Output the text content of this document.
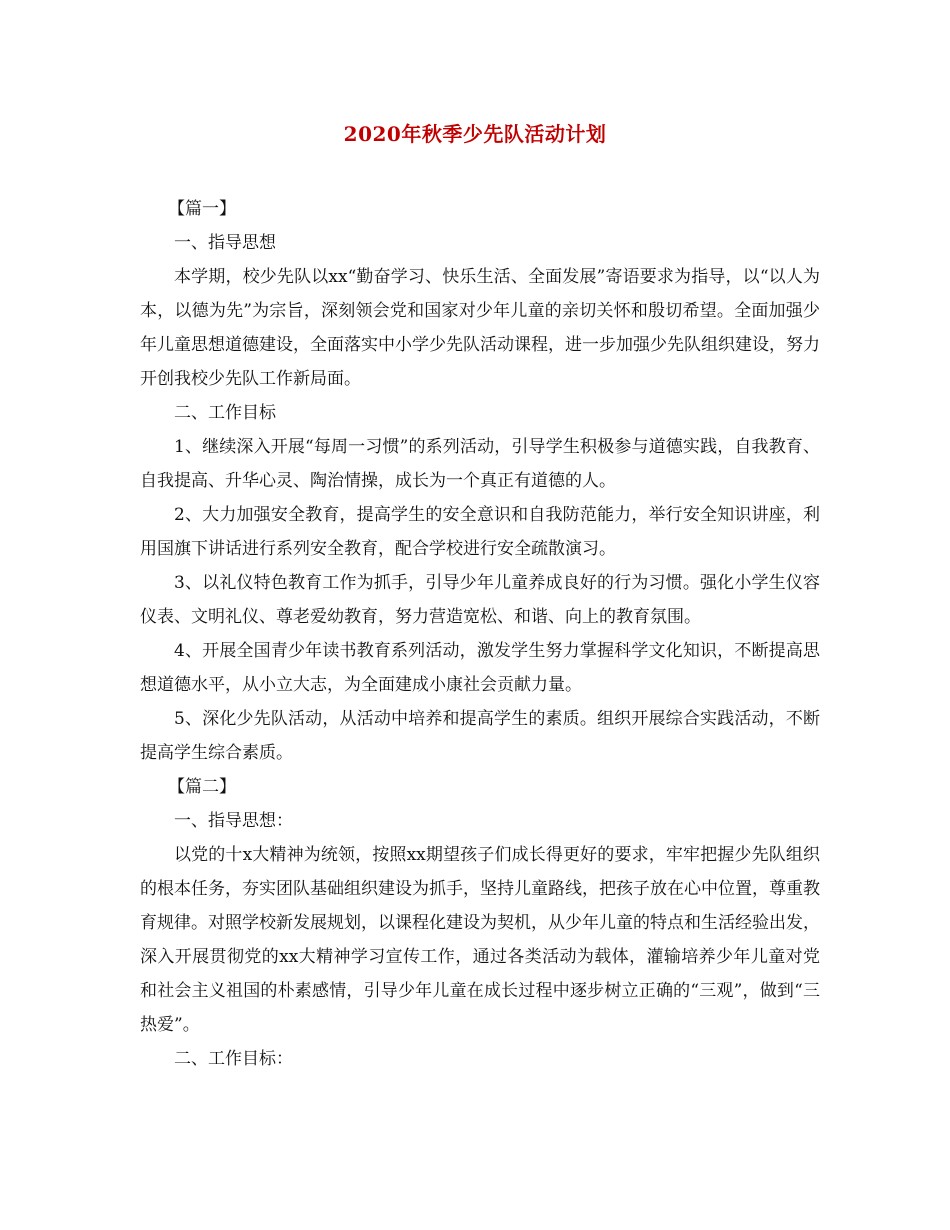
2020年秋季少先队活动计划

【篇一】

一、指导思想

本学期，校少先队以xx“勤奋学习、快乐生活、全面发展”寄语要求为指导，以“以人为本，以德为先”为宗旨，深刻领会党和国家对少年儿童的亲切关怀和殷切希望。全面加强少年儿童思想道德建设，全面落实中小学少先队活动课程，进一步加强少先队组织建设，努力开创我校少先队工作新局面。

二、工作目标

1、继续深入开展“每周一习惯”的系列活动，引导学生积极参与道德实践，自我教育、自我提高、升华心灵、陶治情操，成长为一个真正有道德的人。

2、大力加强安全教育，提高学生的安全意识和自我防范能力，举行安全知识讲座，利用国旗下讲话进行系列安全教育，配合学校进行安全疏散演习。

3、以礼仪特色教育工作为抓手，引导少年儿童养成良好的行为习惯。强化小学生仪容仪表、文明礼仪、尊老爱幼教育，努力营造宽松、和谐、向上的教育氛围。

4、开展全国青少年读书教育系列活动，激发学生努力掌握科学文化知识，不断提高思想道德水平，从小立大志，为全面建成小康社会贡献力量。

5、深化少先队活动，从活动中培养和提高学生的素质。组织开展综合实践活动，不断提高学生综合素质。

【篇二】

一、指导思想：

以党的十x大精神为统领，按照xx期望孩子们成长得更好的要求，牢牢把握少先队组织的根本任务，夯实团队基础组织建设为抓手，坚持儿童路线，把孩子放在心中位置，尊重教育规律。对照学校新发展规划，以课程化建设为契机，从少年儿童的特点和生活经验出发，深入开展贯彻党的xx大精神学习宣传工作，通过各类活动为载体，灌输培养少年儿童对党和社会主义祖国的朴素感情，引导少年儿童在成长过程中逐步树立正确的“三观”，做到“三热爱”。

二、工作目标：
